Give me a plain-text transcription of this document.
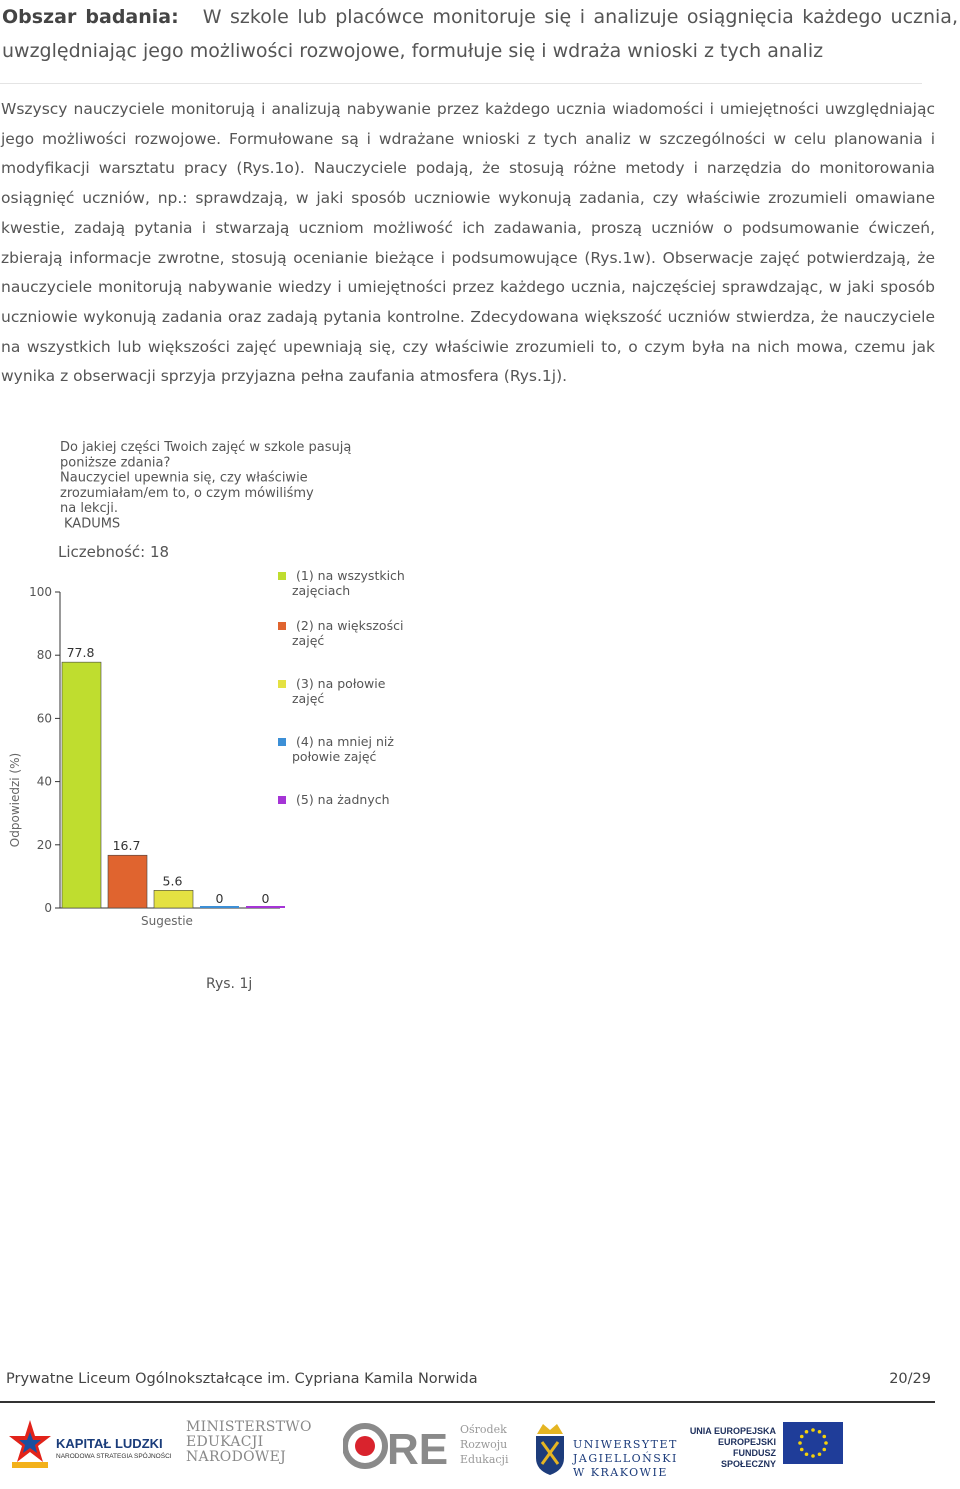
Obszar badania: W szkole lub placówce monitoruje się i analizuje osiągnięcia każdego ucznia, uwzględniając jego możliwości rozwojowe, formułuje się i wdraża wnioski z tych analiz
Wszyscy nauczyciele monitorują i analizują nabywanie przez każdego ucznia wiadomości i umiejętności uwzględniając jego możliwości rozwojowe. Formułowane są i wdrażane wnioski z tych analiz w szczególności w celu planowania i modyfikacji warsztatu pracy (Rys.1o). Nauczyciele podają, że stosują różne metody i narzędzia do monitorowania osiągnięć uczniów, np.: sprawdzają, w jaki sposób uczniowie wykonują zadania, czy właściwie zrozumieli omawiane kwestie, zadają pytania i stwarzają uczniom możliwość ich zadawania, proszą uczniów o podsumowanie ćwiczeń, zbierają informacje zwrotne, stosują ocenianie bieżące i podsumowujące (Rys.1w). Obserwacje zajęć potwierdzają, że nauczyciele monitorują nabywanie wiedzy i umiejętności przez każdego ucznia, najczęściej sprawdzając, w jaki sposób uczniowie wykonują zadania oraz zadają pytania kontrolne. Zdecydowana większość uczniów stwierdza, że nauczyciele na wszystkich lub większości zajęć upewniają się, czy właściwie zrozumieli to, o czym była na nich mowa, czemu jak wynika z obserwacji sprzyja przyjazna pełna zaufania atmosfera (Rys.1j).
Do jakiej części Twoich zajęć w szkole pasują
poniższe zdania?
Nauczyciel upewnia się, czy właściwie
zrozumiałam/em to, o czym mówiliśmy
na lekcji.
KADUMS
Liczebność: 18
Odpowiedzi (%)
0
20
40
60
80
100
77.8
16.7
5.6
0	0
Sugestie
(1) na wszystkich
zajęciach
(2) na większości
zajęć
(3) na połowie
zajęć
(4) na mniej niż
połowie zajęć
(5) na żadnych
Rys. 1j
Prywatne Liceum Ogólnokształcące im. Cypriana Kamila Norwida	20/29
KAPITAŁ LUDZKI
NARODOWA STRATEGIA SPÓJNOŚCI
MINISTERSTWO
EDUKACJI
NARODOWEJ	RE Ośrodek
Rozwoju
Edukacji
UNIWERSYTET
JAGIELLOŃSKI
W KRAKOWIE
UNIA EUROPEJSKA
EUROPEJSKI
FUNDUSZ SPOŁECZNY
